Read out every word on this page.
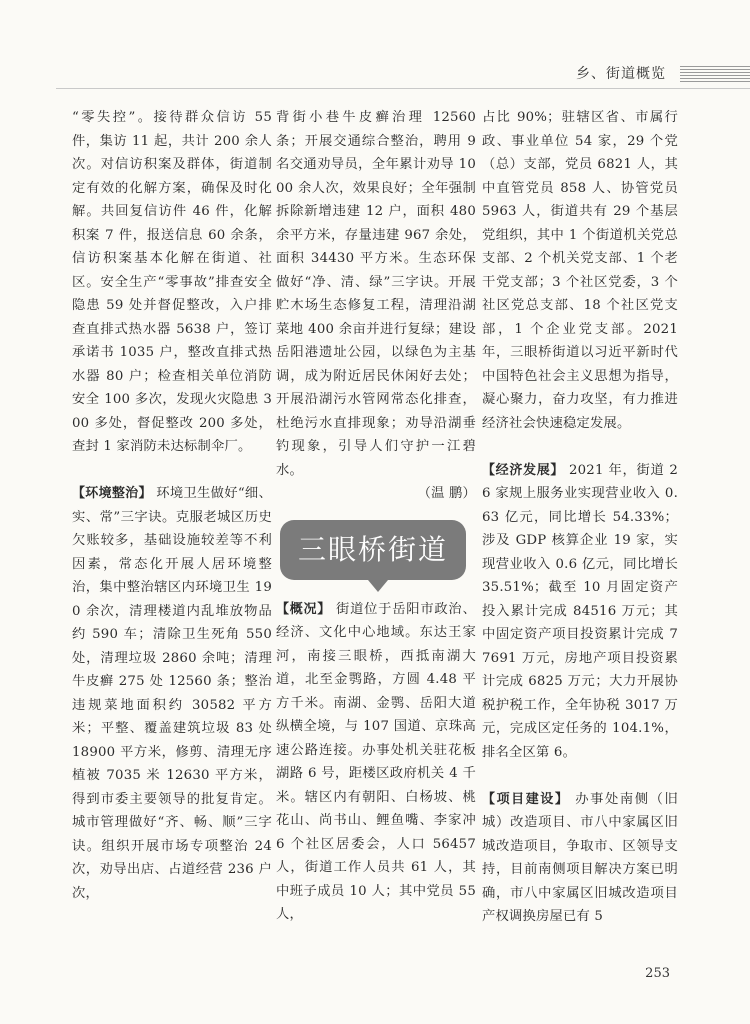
乡、街道概览

“零失控”。接待群众信访 55 件，集访 11 起，共计 200 余人次。对信访积案及群体，街道制定有效的化解方案，确保及时化解。共回复信访件 46 件，化解积案 7 件，报送信息 60 余条，信访积案基本化解在街道、社区。安全生产“零事故”排查安全隐患 59 处并督促整改，入户排查直排式热水器 5638 户，签订承诺书 1035 户，整改直排式热水器 80 户；检查相关单位消防安全 100 多次，发现火灾隐患 300 多处，督促整改 200 多处，查封 1 家消防未达标制伞厂。

【环境整治】 环境卫生做好“细、实、常”三字诀。克服老城区历史欠账较多，基础设施较差等不利因素，常态化开展人居环境整治，集中整治辖区内环境卫生 190 余次，清理楼道内乱堆放物品约 590 车；清除卫生死角 550 处，清理垃圾 2860 余吨；清理牛皮癣 275 处 12560 条；整治违规菜地面积约 30582 平方米；平整、覆盖建筑垃圾 83 处 18900 平方米，修剪、清理无序植被 7035 米 12630 平方米，得到市委主要领导的批复肯定。城市管理做好“齐、畅、顺”三字诀。组织开展市场专项整治 24 次，劝导出店、占道经营 236 户次，

背街小巷牛皮癣治理 12560 条；开展交通综合整治，聘用 9 名交通劝导员，全年累计劝导 1000 余人次，效果良好；全年强制拆除新增违建 12 户，面积 480 余平方米，存量违建 967 余处，面积 34430 平方米。生态环保做好“净、清、绿”三字诀。开展贮木场生态修复工程，清理沿湖菜地 400 余亩并进行复绿；建设岳阳港遗址公园，以绿色为主基调，成为附近居民休闲好去处；开展沿湖污水管网常态化排查，杜绝污水直排现象；劝导沿湖垂钓现象，引导人们守护一江碧水。

（温 鹏）

三眼桥街道

【概况】 街道位于岳阳市政治、经济、文化中心地域。东达王家河，南接三眼桥，西抵南湖大道，北至金鹗路，方圆 4.48 平方千米。南湖、金鹗、岳阳大道纵横全境，与 107 国道、京珠高速公路连接。办事处机关驻花板湖路 6 号，距楼区政府机关 4 千米。辖区内有朝阳、白杨坡、桃花山、尚书山、鲤鱼嘴、李家冲 6 个社区居委会，人口 56457 人，街道工作人员共 61 人，其中班子成员 10 人；其中党员 55 人，

占比 90%；驻辖区省、市属行政、事业单位 54 家，29 个党（总）支部，党员 6821 人，其中直管党员 858 人、协管党员 5963 人，街道共有 29 个基层党组织，其中 1 个街道机关党总支部、2 个机关党支部、1 个老干党支部；3 个社区党委，3 个社区党总支部、18 个社区党支部，1 个企业党支部。2021 年，三眼桥街道以习近平新时代中国特色社会主义思想为指导，凝心聚力，奋力攻坚，有力推进经济社会快速稳定发展。

【经济发展】 2021 年，街道 26 家规上服务业实现营业收入 0.63 亿元，同比增长 54.33%；涉及 GDP 核算企业 19 家，实现营业收入 0.6 亿元，同比增长 35.51%；截至 10 月固定资产投入累计完成 84516 万元；其中固定资产项目投资累计完成 77691 万元，房地产项目投资累计完成 6825 万元；大力开展协税护税工作，全年协税 3017 万元，完成区定任务的 104.1%，排名全区第 6。

【项目建设】 办事处南侧（旧城）改造项目、市八中家属区旧城改造项目，争取市、区领导支持，目前南侧项目解决方案已明确，市八中家属区旧城改造项目产权调换房屋已有 5

253
